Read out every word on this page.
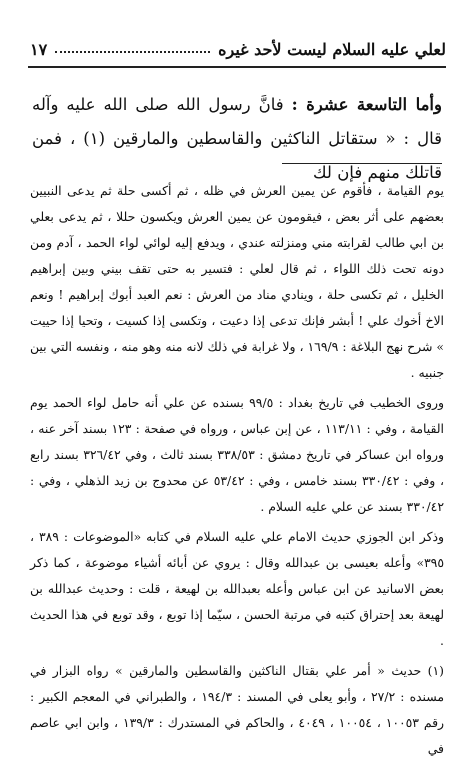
لعلي عليه السلام ليست لأحد غيره
١٧
وأما التاسعة عشرة : فانَّ رسول الله صلى الله عليه وآله قال : « ستقاتل الناكثين والقاسطين والمارقين (١) ، فمن قاتلك منهم فإن لك

يوم القيامة ، فأقوم عن يمين العرش في ظله ، ثم أكسى حلة ثم يدعى النبيين بعضهم على أثر بعض ، فيقومون عن يمين العرش ويكسون حللا ، ثم يدعى بعلي بن ابي طالب لقرابته مني ومنزلته عندي ، ويدفع إليه لوائي لواء الحمد ، آدم ومن دونه تحت ذلك اللواء ، ثم قال لعلي : فتسير به حتى تقف بيني وبين إبراهيم الخليل ، ثم تكسى حلة ، وينادي مناد من العرش : نعم العبد أبوك إبراهيم ! ونعم الاخ أخوك علي ! أبشر فإنك تدعى إذا دعيت ، وتكسى إذا كسيت ، وتحيا إذا حييت » شرح نهج البلاغة : ١٦٩/٩ ، ولا غرابة في ذلك لانه منه وهو منه ، ونفسه التي بين جنبيه .

وروى الخطيب في تاريخ بغداد : ٩٩/٥ بسنده عن علي أنه حامل لواء الحمد يوم القيامة ، وفي : ١١٣/١١ ، عن إبن عباس ، ورواه في صفحة : ١٢٣ بسند آخر عنه ، ورواه ابن عساكر في تاريخ دمشق : ٣٣٨/٥٣ بسند ثالث ، وفي ٣٢٦/٤٢ بسند رابع ، وفي : ٣٣٠/٤٢ بسند خامس ، وفي : ٥٣/٤٢ عن محدوج بن زيد الذهلي ، وفي : ٣٣٠/٤٢ بسند عن علي عليه السلام .

وذكر ابن الجوزي حديث الامام علي عليه السلام في كتابه «الموضوعات : ٣٨٩ ، ٣٩٥» وأعله بعيسى بن عبدالله وقال : يروي عن أبائه أشياء موضوعة ، كما ذكر بعض الاسانيد عن ابن عباس وأعله بعبدالله بن لهيعة ، قلت : وحديث عبدالله بن لهيعة بعد إحتراق كتبه في مرتبة الحسن ، سيّما إذا توبع ، وقد توبع في هذا الحديث .

(١) حديث « أمر علي بقتال الناكثين والقاسطين والمارقين » رواه البزار في مسنده : ٢٧/٢ ، وأبو يعلى في المسند : ١٩٤/٣ ، والطبراني في المعجم الكبير : رقم ١٠٠٥٣ ، ١٠٠٥٤ ، ٤٠٤٩ ، والحاكم في المستدرك : ١٣٩/٣ ، وابن ابي عاصم في
